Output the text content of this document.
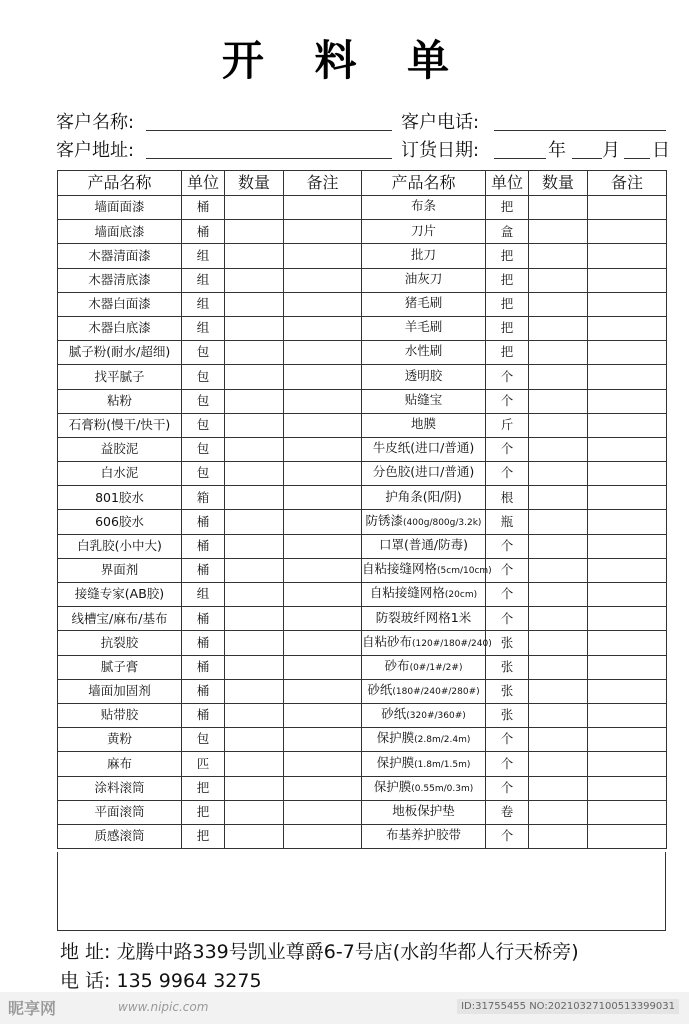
开 料 单
客户名称:	客户电话:
客户地址:	订货日期:	年 月 日
产品名称	单位	数量	备注	产品名称	单位	数量	备注
墙面面漆	桶			布条	把		
墙面底漆	桶			刀片	盒		
木器清面漆	组			批刀	把		
木器清底漆	组			油灰刀	把		
木器白面漆	组			猪毛刷	把		
木器白底漆	组			羊毛刷	把		
腻子粉(耐水/超细)	包			水性刷	把		
找平腻子	包			透明胶	个		
粘粉	包			贴缝宝	个		
石膏粉(慢干/快干)	包			地膜	斤		
益胶泥	包			牛皮纸(进口/普通)	个		
白水泥	包			分色胶(进口/普通)	个		
801胶水	箱			护角条(阳/阴)	根		
606胶水	桶			防锈漆(400g/800g/3.2k)	瓶		
白乳胶(小中大)	桶			口罩(普通/防毒)	个		
界面剂	桶			自粘接缝网格(5cm/10cm)	个		
接缝专家(AB胶)	组			自粘接缝网格(20cm)	个		
线槽宝/麻布/基布	桶			防裂玻纤网格1米	个		
抗裂胶	桶			自粘砂布(120#/180#/240)	张		
腻子膏	桶			砂布(0#/1#/2#)	张		
墙面加固剂	桶			砂纸(180#/240#/280#)	张		
贴带胶	桶			砂纸(320#/360#)	张		
黄粉	包			保护膜(2.8m/2.4m)	个		
麻布	匹			保护膜(1.8m/1.5m)	个		
涂料滚筒	把			保护膜(0.55m/0.3m)	个		
平面滚筒	把			地板保护垫	卷		
质感滚筒	把			布基养护胶带	个		
地 址: 龙腾中路339号凯业尊爵6-7号店(水韵华都人行天桥旁)
电 话: 135 9964 3275
昵享网	www.nipic.com	ID:31755455 NO:20210327100513399031
